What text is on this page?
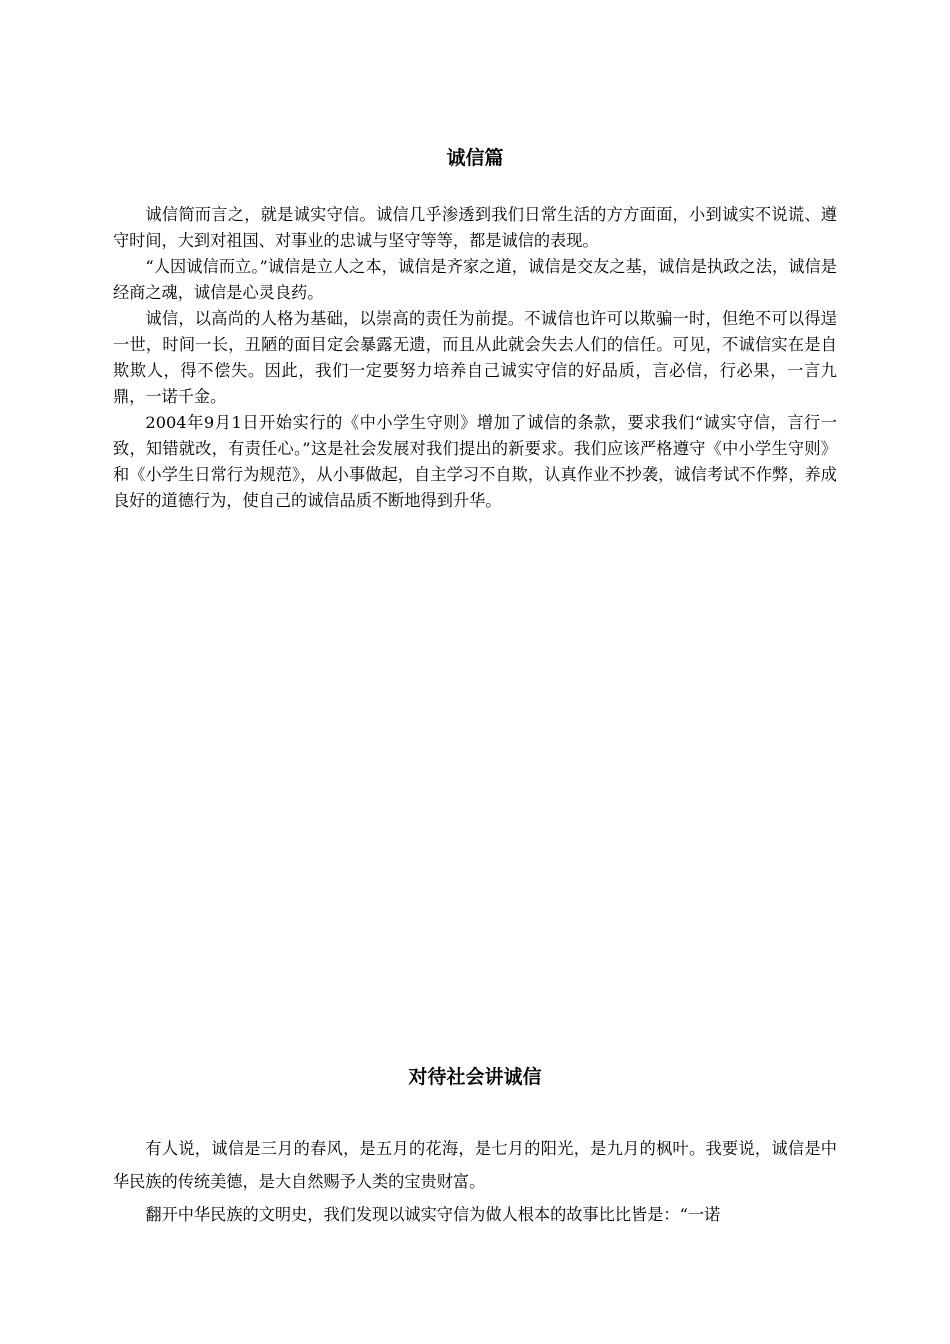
诚信篇

诚信简而言之，就是诚实守信。诚信几乎渗透到我们日常生活的方方面面，小到诚实不说谎、遵守时间，大到对祖国、对事业的忠诚与坚守等等，都是诚信的表现。

“人因诚信而立。”诚信是立人之本，诚信是齐家之道，诚信是交友之基，诚信是执政之法，诚信是经商之魂，诚信是心灵良药。

诚信，以高尚的人格为基础，以崇高的责任为前提。不诚信也许可以欺骗一时，但绝不可以得逞一世，时间一长，丑陋的面目定会暴露无遗，而且从此就会失去人们的信任。可见，不诚信实在是自欺欺人，得不偿失。因此，我们一定要努力培养自己诚实守信的好品质，言必信，行必果，一言九鼎，一诺千金。

2004年9月1日开始实行的《中小学生守则》增加了诚信的条款，要求我们“诚实守信，言行一致，知错就改，有责任心。”这是社会发展对我们提出的新要求。我们应该严格遵守《中小学生守则》和《小学生日常行为规范》，从小事做起，自主学习不自欺，认真作业不抄袭，诚信考试不作弊，养成良好的道德行为，使自己的诚信品质不断地得到升华。

对待社会讲诚信

有人说，诚信是三月的春风，是五月的花海，是七月的阳光，是九月的枫叶。我要说，诚信是中华民族的传统美德，是大自然赐予人类的宝贵财富。

翻开中华民族的文明史，我们发现以诚实守信为做人根本的故事比比皆是：“一诺
